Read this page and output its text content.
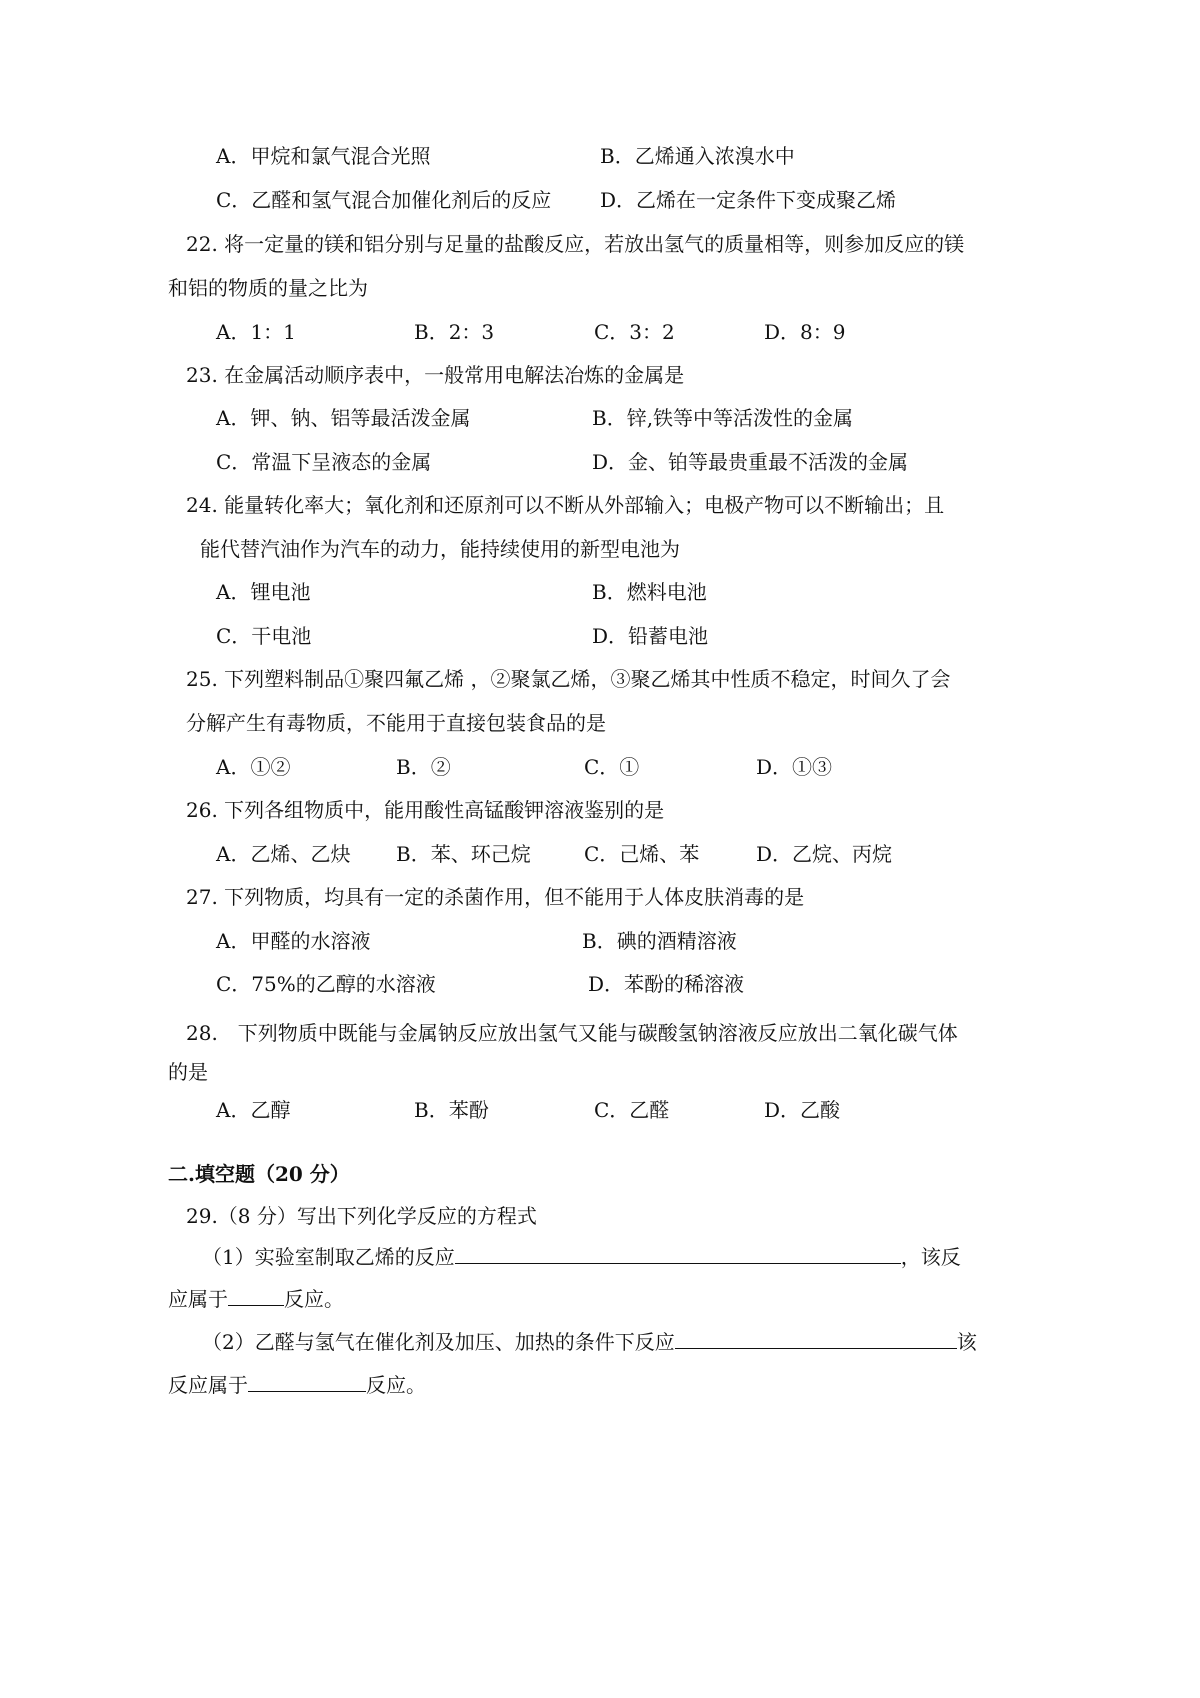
A．甲烷和氯气混合光照	B．乙烯通入浓溴水中
C．乙醛和氢气混合加催化剂后的反应 D．乙烯在一定条件下变成聚乙烯
22. 将一定量的镁和铝分别与足量的盐酸反应，若放出氢气的质量相等，则参加反应的镁
和铝的物质的量之比为
A．1：1	B．2：3	C．3：2	D．8：9
23. 在金属活动顺序表中，一般常用电解法冶炼的金属是
A．钾、钠、铝等最活泼金属	B．锌,铁等中等活泼性的金属
C．常温下呈液态的金属	D．金、铂等最贵重最不活泼的金属
24. 能量转化率大；氧化剂和还原剂可以不断从外部输入；电极产物可以不断输出；且
能代替汽油作为汽车的动力，能持续使用的新型电池为
A．锂电池	B．燃料电池
C．干电池	D．铅蓄电池
25. 下列塑料制品①聚四氟乙烯 ，②聚氯乙烯，③聚乙烯其中性质不稳定，时间久了会
分解产生有毒物质，不能用于直接包装食品的是
A．①②	B．②	C．①	D．①③
26. 下列各组物质中，能用酸性高锰酸钾溶液鉴别的是
A．乙烯、乙炔 B．苯、环己烷	C．己烯、苯	D．乙烷、丙烷
27. 下列物质，均具有一定的杀菌作用，但不能用于人体皮肤消毒的是
A．甲醛的水溶液	B．碘的酒精溶液
C．75%的乙醇的水溶液	D．苯酚的稀溶液
28.　下列物质中既能与金属钠反应放出氢气又能与碳酸氢钠溶液反应放出二氧化碳气体
的是
A．乙醇	B．苯酚	C．乙醛	D．乙酸
二.填空题（20 分）
29.（8 分）写出下列化学反应的方程式
（1）实验室制取乙烯的反应	，该反
应属于	反应。
（2）乙醛与氢气在催化剂及加压、加热的条件下反应	该
反应属于	反应。
